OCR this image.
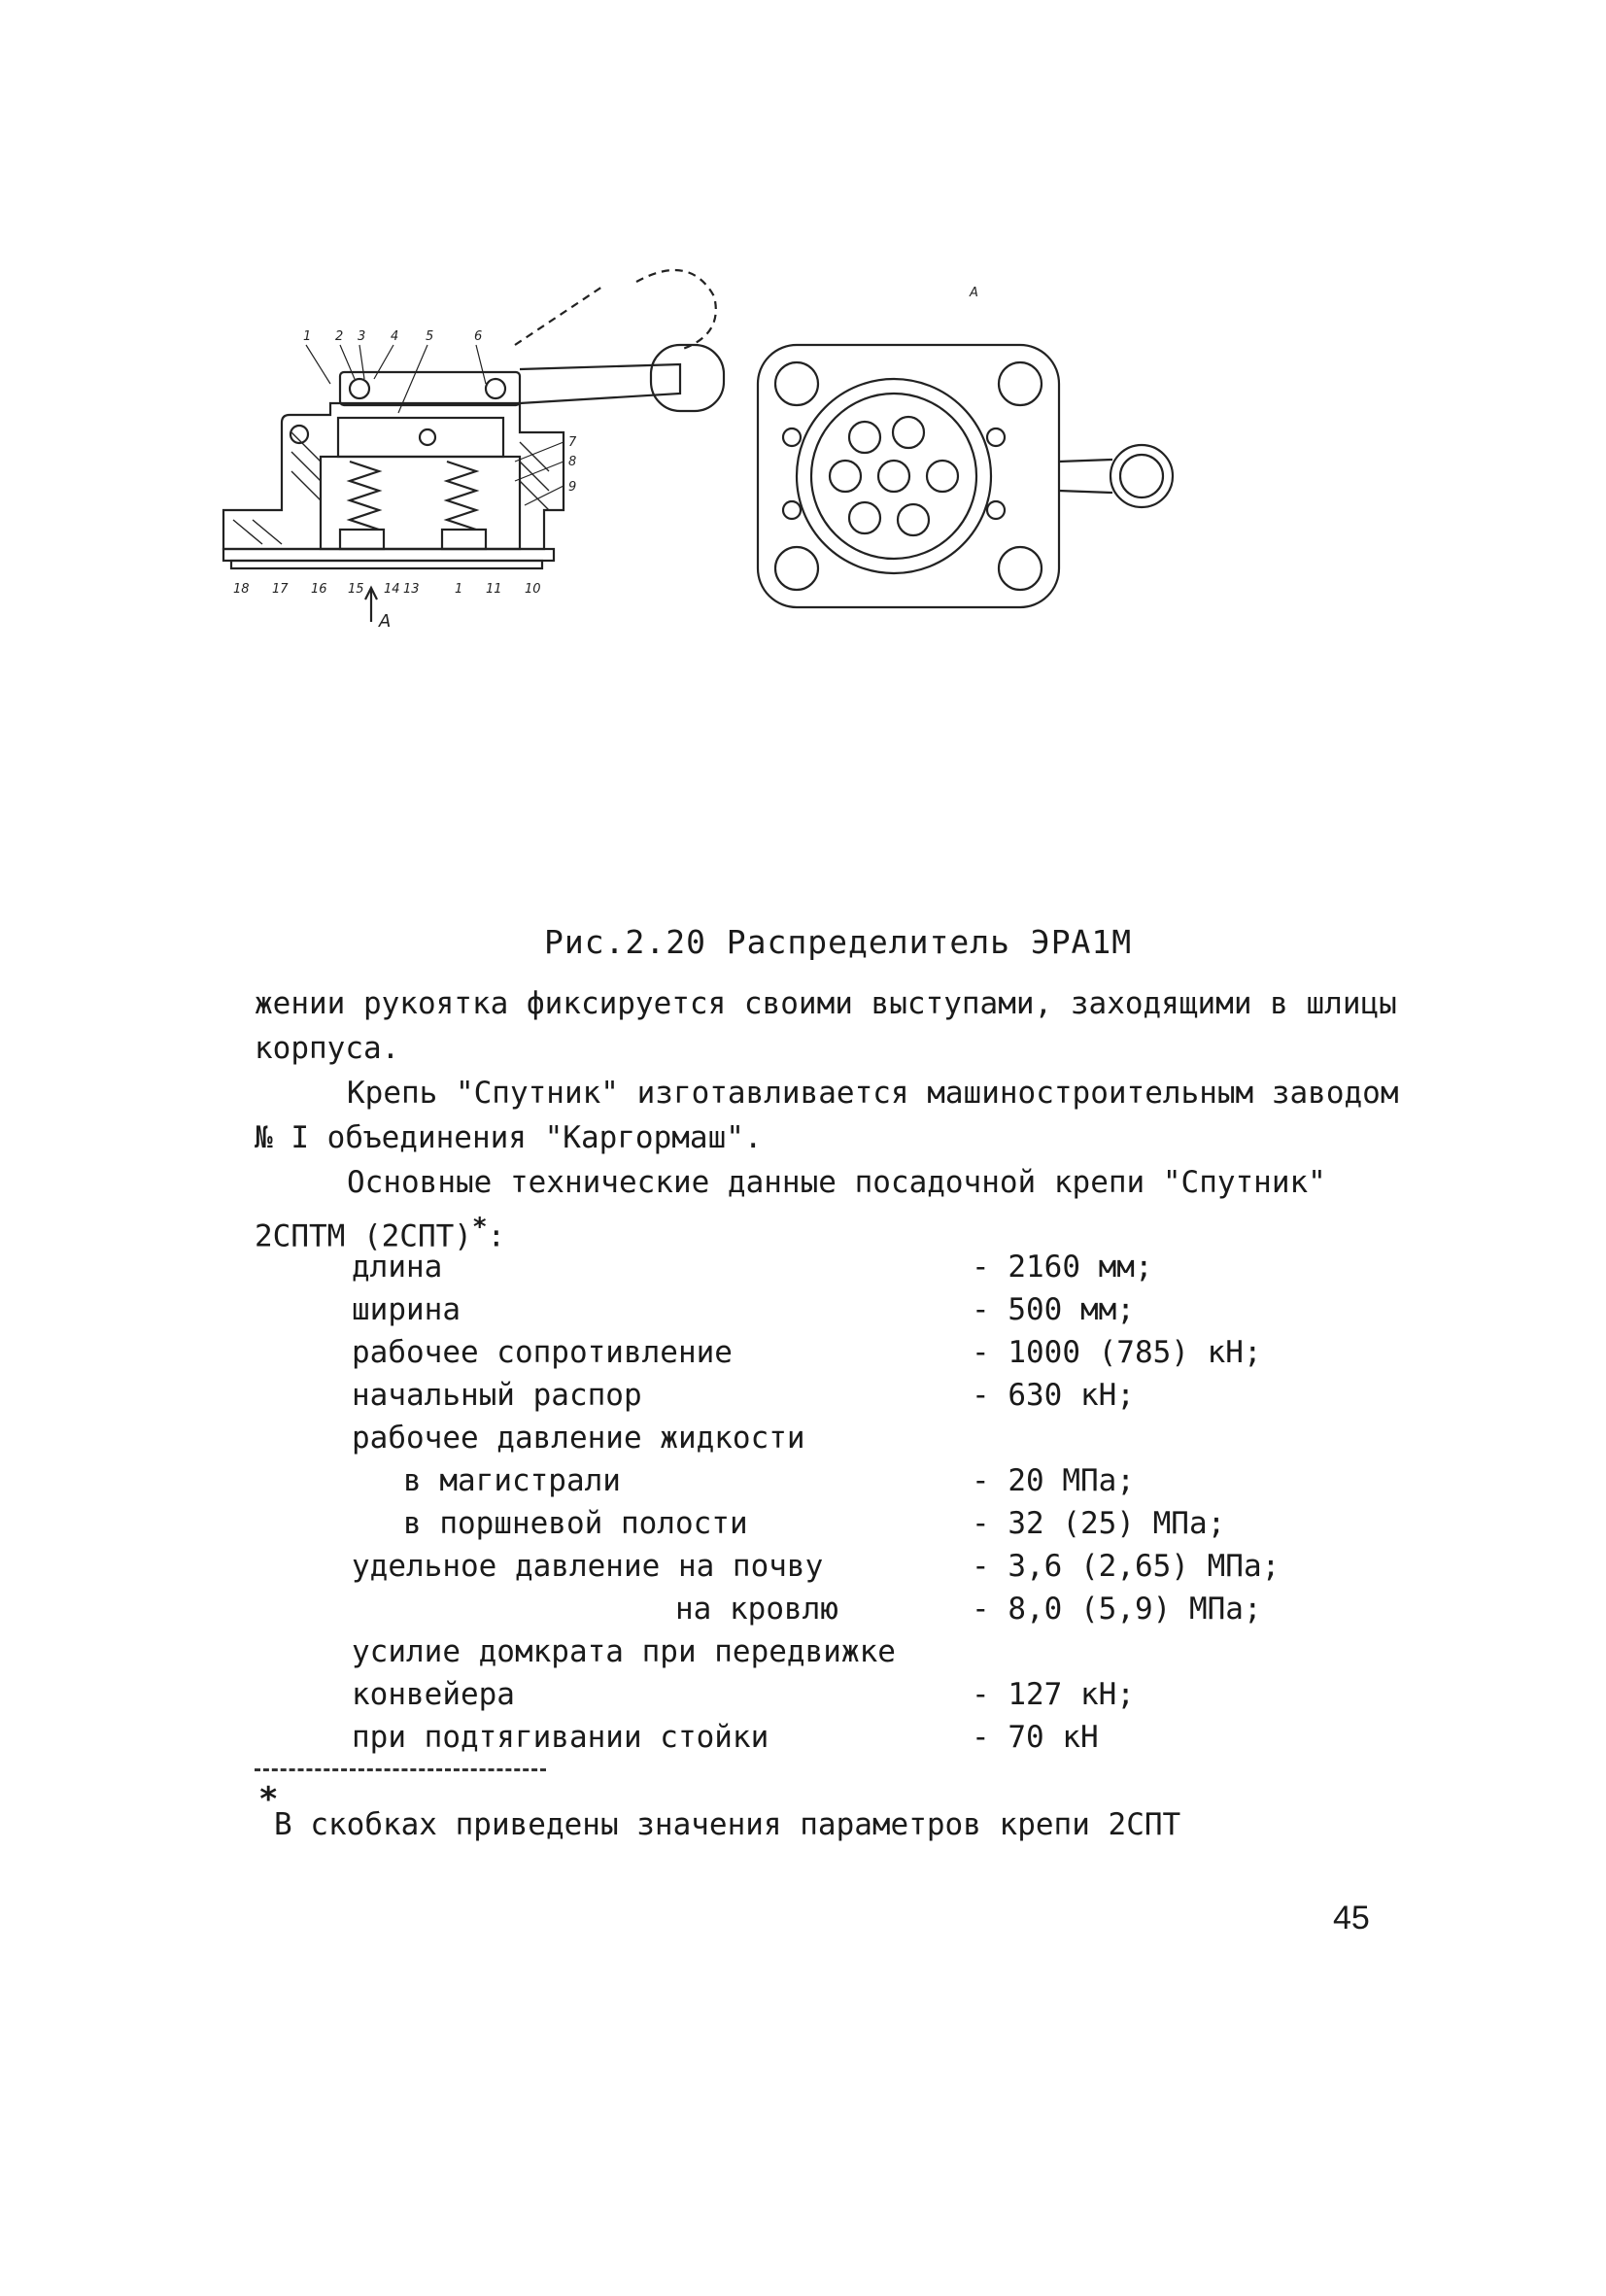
1 2 3 4 5	6
7
8
9
18 17 16 15 14 13	1 11 10
A
A
Рис.2.20 Распределитель ЭРА1М
жении рукоятка фиксируется своими выступами, заходящими в шлицы
корпуса.
Крепь "Спутник" изготавливается машиностроительным заводом
№ I объединения "Каргормаш".
Основные технические данные посадочной крепи "Спутник"
2СПТМ (2СПТ)*:
длина	- 2160 мм;
ширина	- 500 мм;
рабочее сопротивление	- 1000 (785) кН;
начальный распор	- 630 кН;
рабочее давление жидкости
в магистрали	- 20 МПа;
в поршневой полости	- 32 (25) МПа;
удельное давление на почву	- 3,6 (2,65) МПа;
на кровлю	- 8,0 (5,9) МПа;
усилие домкрата при передвижке
конвейера	- 127 кН;
при подтягивании стойки	- 70 кН
*
В скобках приведены значения параметров крепи 2СПТ
45
